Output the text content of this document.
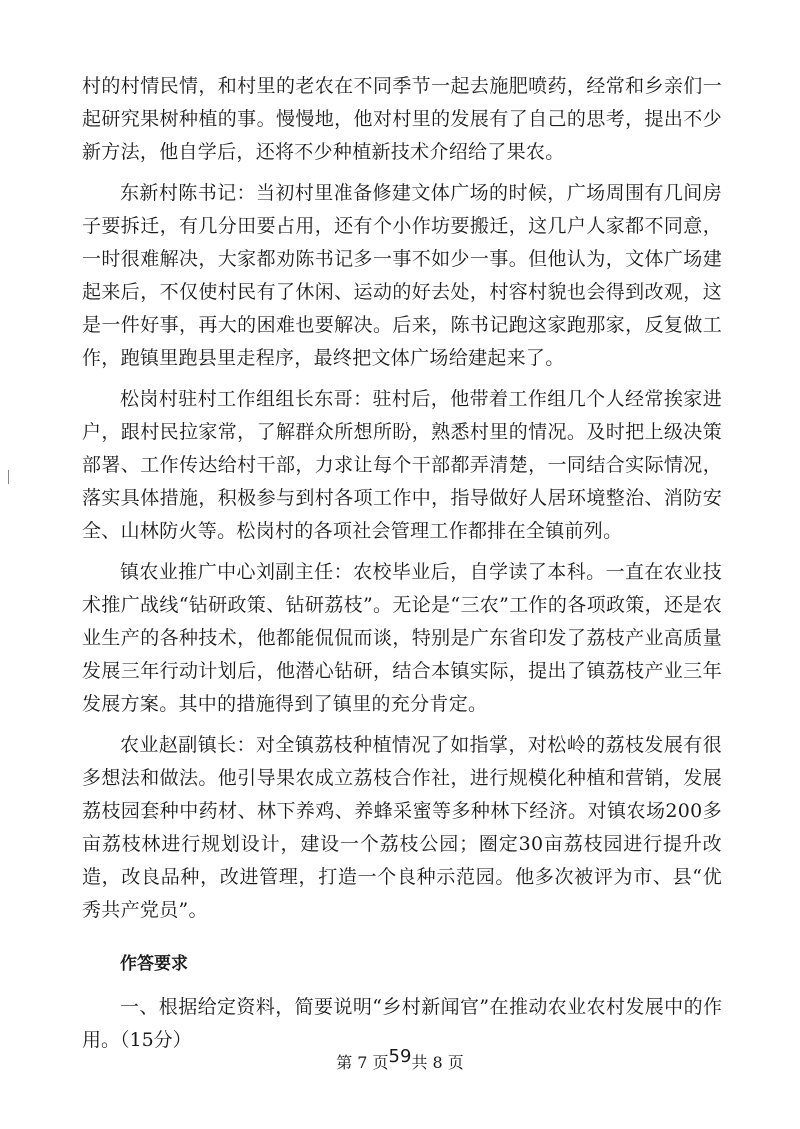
村的村情民情，和村里的老农在不同季节一起去施肥喷药，经常和乡亲们一起研究果树种植的事。慢慢地，他对村里的发展有了自己的思考，提出不少新方法，他自学后，还将不少种植新技术介绍给了果农。

东新村陈书记：当初村里准备修建文体广场的时候，广场周围有几间房子要拆迁，有几分田要占用，还有个小作坊要搬迁，这几户人家都不同意，一时很难解决，大家都劝陈书记多一事不如少一事。但他认为，文体广场建起来后，不仅使村民有了休闲、运动的好去处，村容村貌也会得到改观，这是一件好事，再大的困难也要解决。后来，陈书记跑这家跑那家，反复做工作，跑镇里跑县里走程序，最终把文体广场给建起来了。

松岗村驻村工作组组长东哥：驻村后，他带着工作组几个人经常挨家进户，跟村民拉家常，了解群众所想所盼，熟悉村里的情况。及时把上级决策部署、工作传达给村干部，力求让每个干部都弄清楚，一同结合实际情况，落实具体措施，积极参与到村各项工作中，指导做好人居环境整治、消防安全、山林防火等。松岗村的各项社会管理工作都排在全镇前列。

镇农业推广中心刘副主任：农校毕业后，自学读了本科。一直在农业技术推广战线“钻研政策、钻研荔枝”。无论是“三农”工作的各项政策，还是农业生产的各种技术，他都能侃侃而谈，特别是广东省印发了荔枝产业高质量发展三年行动计划后，他潜心钻研，结合本镇实际，提出了镇荔枝产业三年发展方案。其中的措施得到了镇里的充分肯定。

农业赵副镇长：对全镇荔枝种植情况了如指掌，对松岭的荔枝发展有很多想法和做法。他引导果农成立荔枝合作社，进行规模化种植和营销，发展荔枝园套种中药材、林下养鸡、养蜂采蜜等多种林下经济。对镇农场200多亩荔枝林进行规划设计，建设一个荔枝公园；圈定30亩荔枝园进行提升改造，改良品种，改进管理，打造一个良种示范园。他多次被评为市、县“优秀共产党员”。

作答要求

一、根据给定资料，简要说明“乡村新闻官”在推动农业农村发展中的作用。（15分）

第 7 页59共 8 页
